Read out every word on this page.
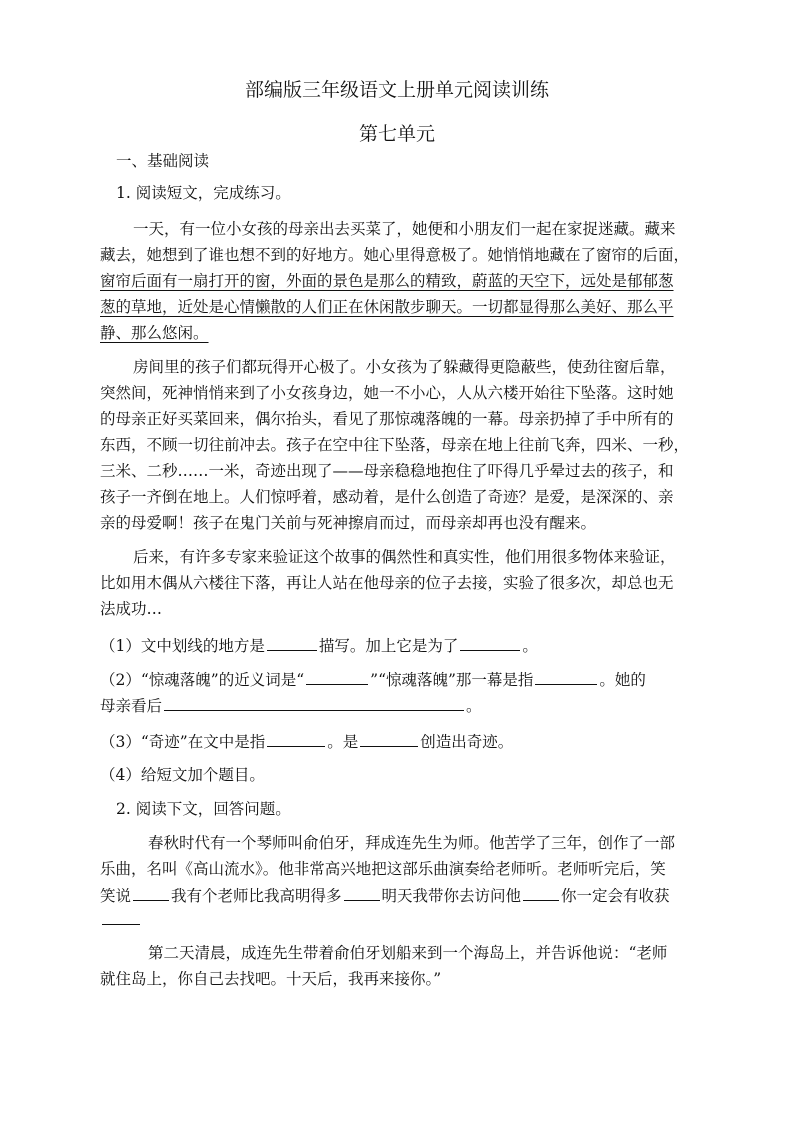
部编版三年级语文上册单元阅读训练
第七单元
一、基础阅读
1. 阅读短文，完成练习。
一天，有一位小女孩的母亲出去买菜了，她便和小朋友们一起在家捉迷藏。藏来
藏去，她想到了谁也想不到的好地方。她心里得意极了。她悄悄地藏在了窗帘的后面，
窗帘后面有一扇打开的窗，外面的景色是那么的精致，蔚蓝的天空下，远处是郁郁葱
葱的草地，近处是心情懒散的人们正在休闲散步聊天。一切都显得那么美好、那么平
静、那么悠闲。
房间里的孩子们都玩得开心极了。小女孩为了躲藏得更隐蔽些，使劲往窗后靠，
突然间，死神悄悄来到了小女孩身边，她一不小心，人从六楼开始往下坠落。这时她
的母亲正好买菜回来，偶尔抬头，看见了那惊魂落魄的一幕。母亲扔掉了手中所有的
东西，不顾一切往前冲去。孩子在空中往下坠落，母亲在地上往前飞奔，四米、一秒，
三米、二秒……一米，奇迹出现了——母亲稳稳地抱住了吓得几乎晕过去的孩子，和
孩子一齐倒在地上。人们惊呼着，感动着，是什么创造了奇迹？是爱，是深深的、亲
亲的母爱啊！孩子在鬼门关前与死神擦肩而过，而母亲却再也没有醒来。
后来，有许多专家来验证这个故事的偶然性和真实性，他们用很多物体来验证，
比如用木偶从六楼往下落，再让人站在他母亲的位子去接，实验了很多次，却总也无
法成功…
（1）文中划线的地方是	描写。加上它是为了	。
（2）“惊魂落魄”的近义词是“	”“惊魂落魄”那一幕是指	。她的
母亲看后	。
（3）“奇迹”在文中是指	。是	创造出奇迹。
（4）给短文加个题目。
2. 阅读下文，回答问题。
春秋时代有一个琴师叫俞伯牙，拜成连先生为师。他苦学了三年，创作了一部
乐曲，名叫《高山流水》。他非常高兴地把这部乐曲演奏给老师听。老师听完后，笑
笑说	我有个老师比我高明得多	明天我带你去访问他	你一定会有收获
第二天清晨，成连先生带着俞伯牙划船来到一个海岛上，并告诉他说：“老师
就住岛上，你自己去找吧。十天后，我再来接你。”
